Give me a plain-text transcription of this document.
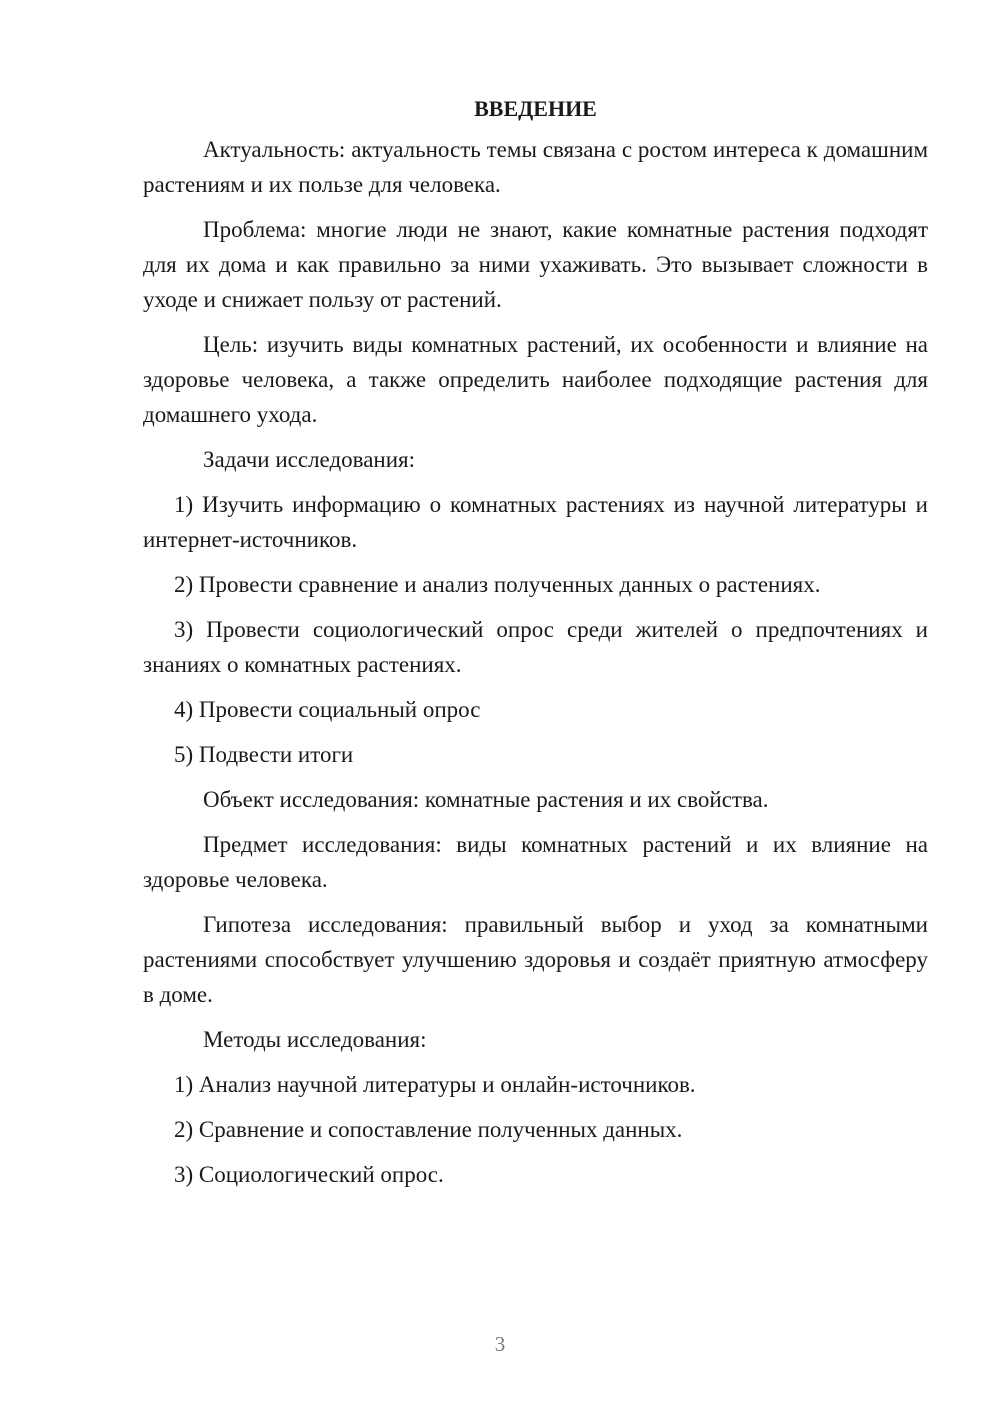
ВВЕДЕНИЕ

Актуальность: актуальность темы связана с ростом интереса к домашним растениям и их пользе для человека.

Проблема: многие люди не знают, какие комнатные растения подходят для их дома и как правильно за ними ухаживать. Это вызывает сложности в уходе и снижает пользу от растений.

Цель: изучить виды комнатных растений, их особенности и влияние на здоровье человека, а также определить наиболее подходящие растения для домашнего ухода.

Задачи исследования:

1) Изучить информацию о комнатных растениях из научной литературы и интернет-источников.

2) Провести сравнение и анализ полученных данных о растениях.

3) Провести социологический опрос среди жителей о предпочтениях и знаниях о комнатных растениях.

4) Провести социальный опрос

5) Подвести итоги

Объект исследования: комнатные растения и их свойства.

Предмет исследования: виды комнатных растений и их влияние на здоровье человека.

Гипотеза исследования: правильный выбор и уход за комнатными растениями способствует улучшению здоровья и создаёт приятную атмосферу в доме.

Методы исследования:

1) Анализ научной литературы и онлайн-источников.

2) Сравнение и сопоставление полученных данных.

3) Социологический опрос.

3
